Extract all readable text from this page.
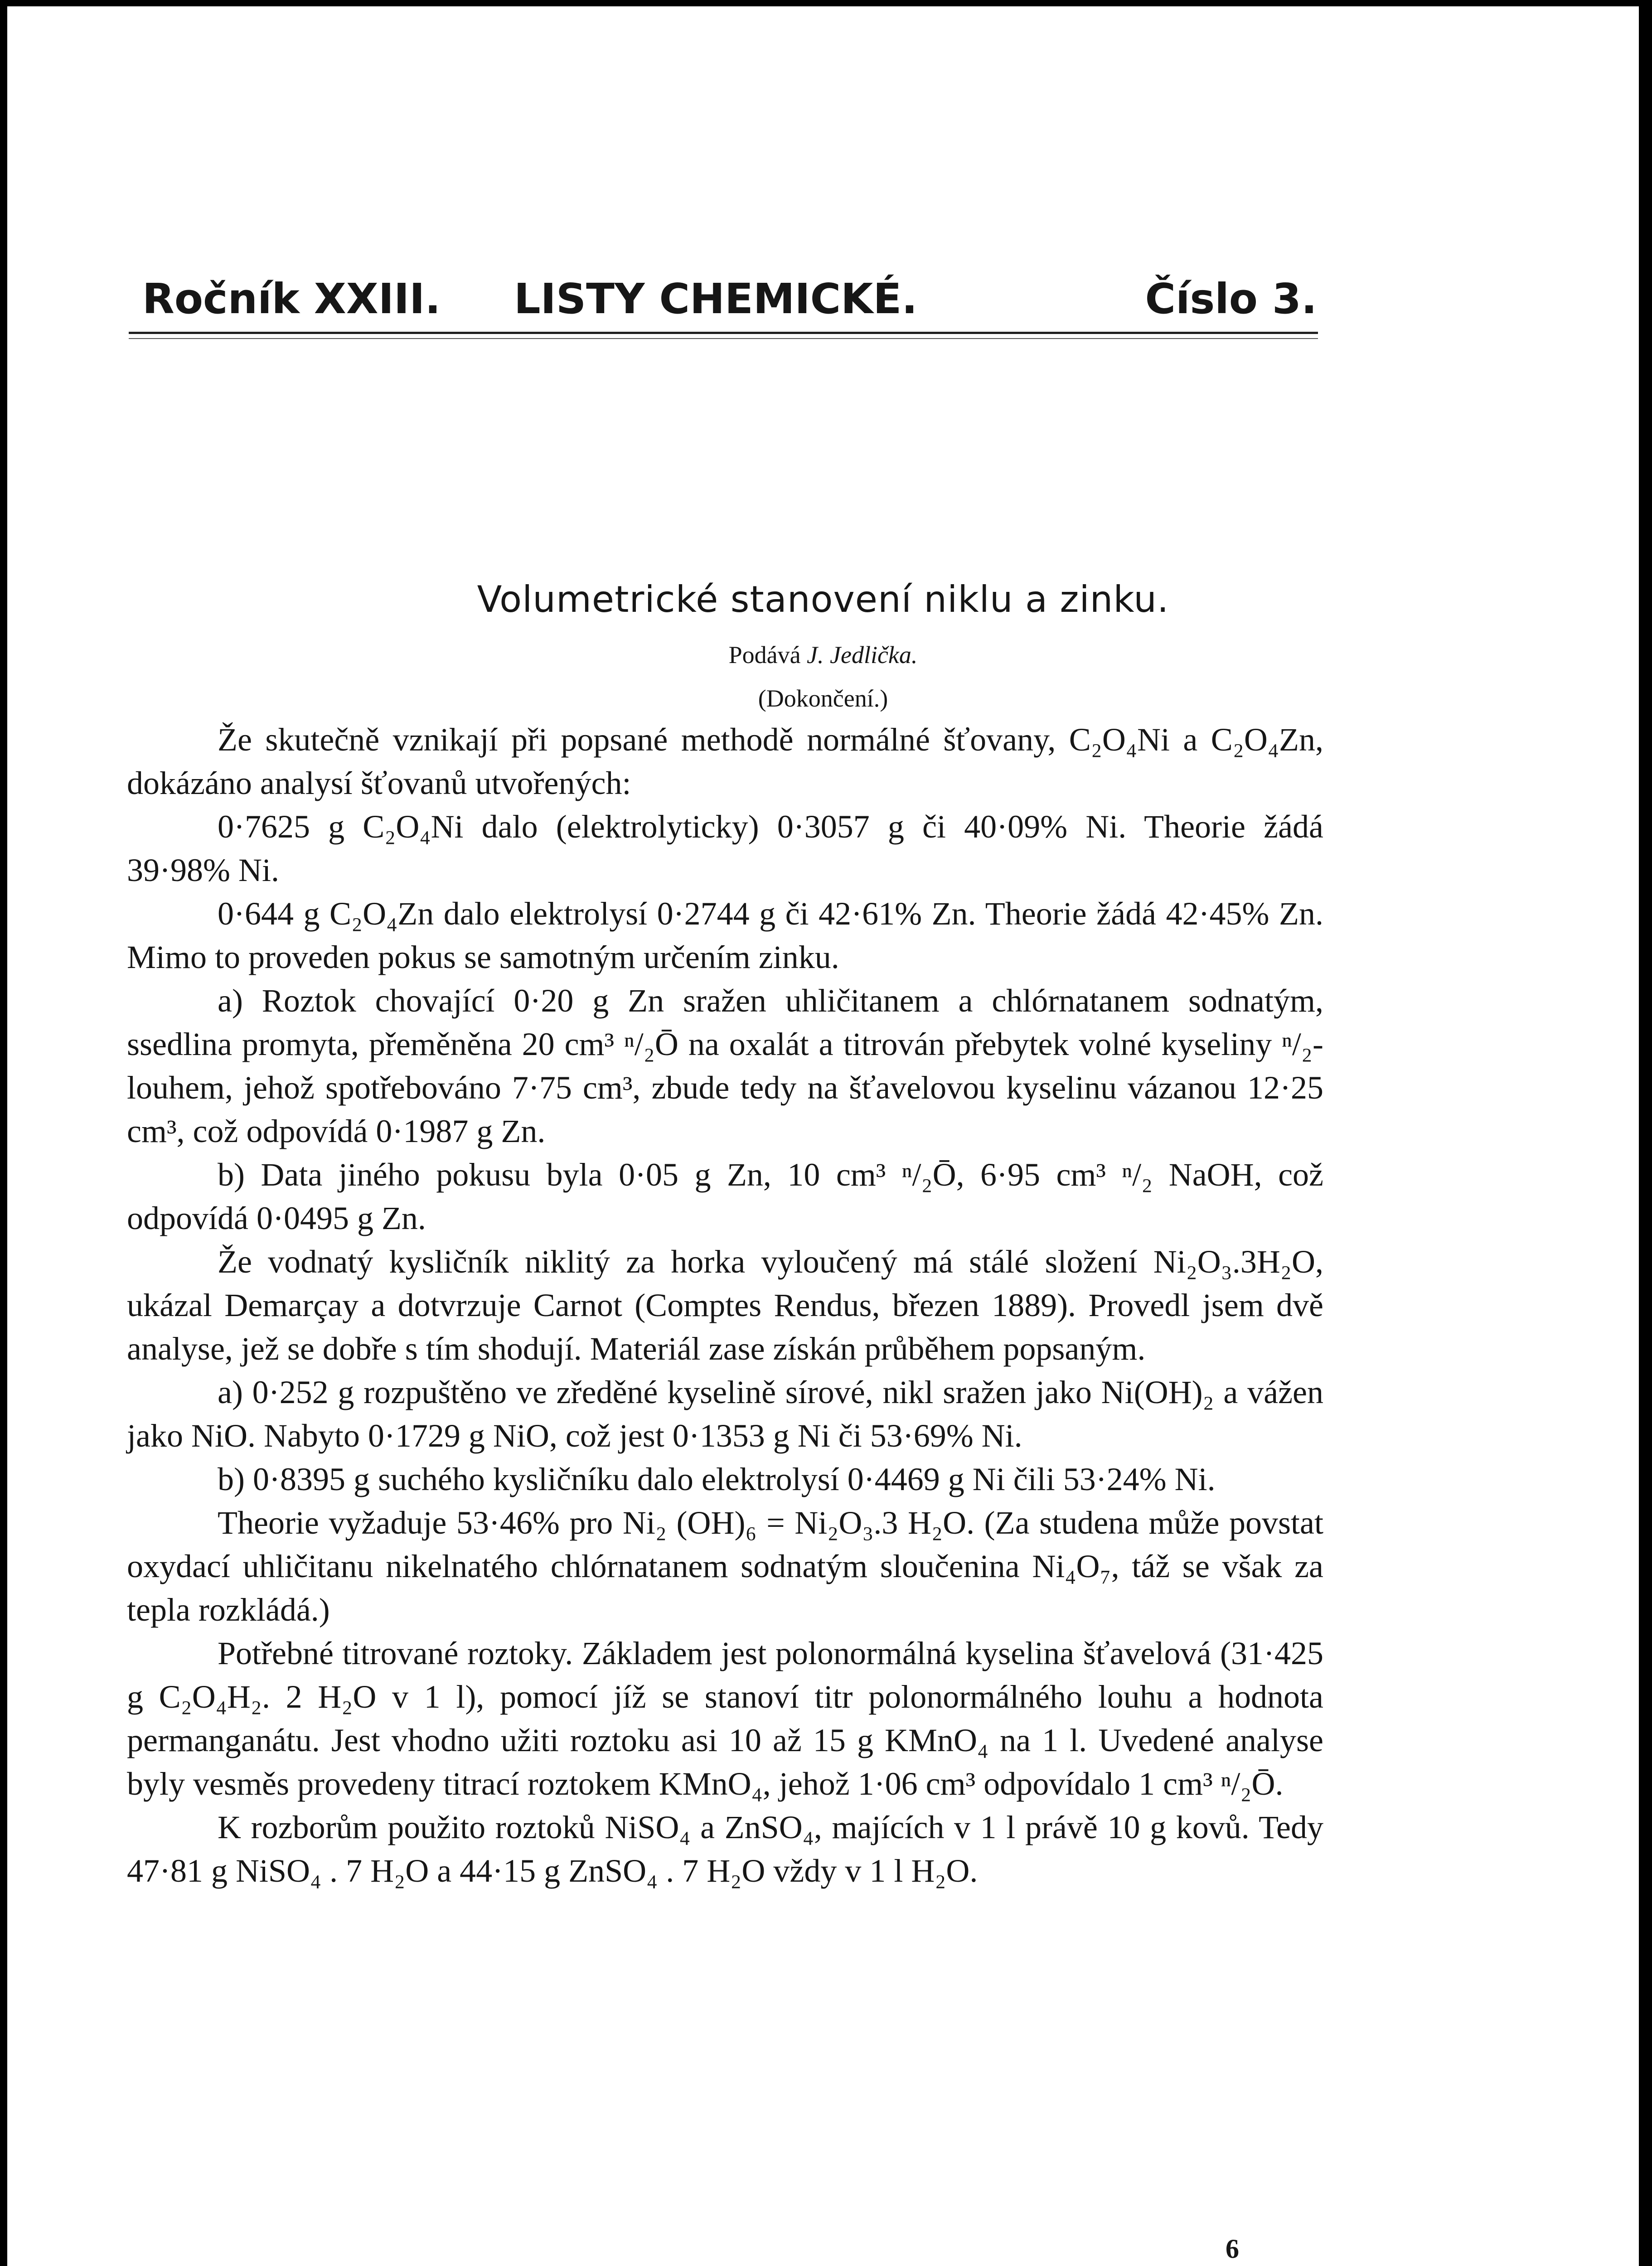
Ročník XXIII. LISTY CHEMICKÉ.	Číslo 3.
Volumetrické stanovení niklu a zinku.
Podává J. Jedlička.
(Dokončení.)

Že skutečně vznikají při popsané methodě normálné šťovany, C₂O₄Ni a C₂O₄Zn, dokázáno analysí šťovanů utvořených:

0·7625 g C₂O₄Ni dalo (elektrolyticky) 0·3057 g či 40·09% Ni. Theorie žádá 39·98% Ni.

0·644 g C₂O₄Zn dalo elektrolysí 0·2744 g či 42·61% Zn. Theorie žádá 42·45% Zn. Mimo to proveden pokus se samotným určením zinku.

a) Roztok chovající 0·20 g Zn sražen uhličitanem a chlórnatanem sodnatým, ssedlina promyta, přeměněna 20 cm³ ⁿ/₂Ō na oxalát a titrován přebytek volné kyseliny ⁿ/₂-louhem, jehož spotřebováno 7·75 cm³, zbude tedy na šťavelovou kyselinu vázanou 12·25 cm³, což odpovídá 0·1987 g Zn.

b) Data jiného pokusu byla 0·05 g Zn, 10 cm³ ⁿ/₂Ō, 6·95 cm³ ⁿ/₂ NaOH, což odpovídá 0·0495 g Zn.

Že vodnatý kysličník niklitý za horka vyloučený má stálé složení Ni₂O₃.3H₂O, ukázal Demarçay a dotvrzuje Carnot (Comptes Rendus, březen 1889). Provedl jsem dvě analyse, jež se dobře s tím shodují. Materiál zase získán průběhem popsaným.

a) 0·252 g rozpuštěno ve zředěné kyselině sírové, nikl sražen jako Ni(OH)₂ a vážen jako NiO. Nabyto 0·1729 g NiO, což jest 0·1353 g Ni či 53·69% Ni.

b) 0·8395 g suchého kysličníku dalo elektrolysí 0·4469 g Ni čili 53·24% Ni.

Theorie vyžaduje 53·46% pro Ni₂ (OH)₆ = Ni₂O₃.3 H₂O. (Za studena může povstat oxydací uhličitanu nikelnatého chlórnatanem sodnatým sloučenina Ni₄O₇, táž se však za tepla rozkládá.)

Potřebné titrované roztoky. Základem jest polonormálná kyselina šťavelová (31·425 g C₂O₄H₂. 2 H₂O v 1 l), pomocí jíž se stanoví titr polonormálného louhu a hodnota permanganátu. Jest vhodno užiti roztoku asi 10 až 15 g KMnO₄ na 1 l. Uvedené analyse byly vesměs provedeny titrací roztokem KMnO₄, jehož 1·06 cm³ odpovídalo 1 cm³ ⁿ/₂Ō.

K rozborům použito roztoků NiSO₄ a ZnSO₄, majících v 1 l právě 10 g kovů. Tedy 47·81 g NiSO₄ . 7 H₂O a 44·15 g ZnSO₄ . 7 H₂O vždy v 1 l H₂O.

6
